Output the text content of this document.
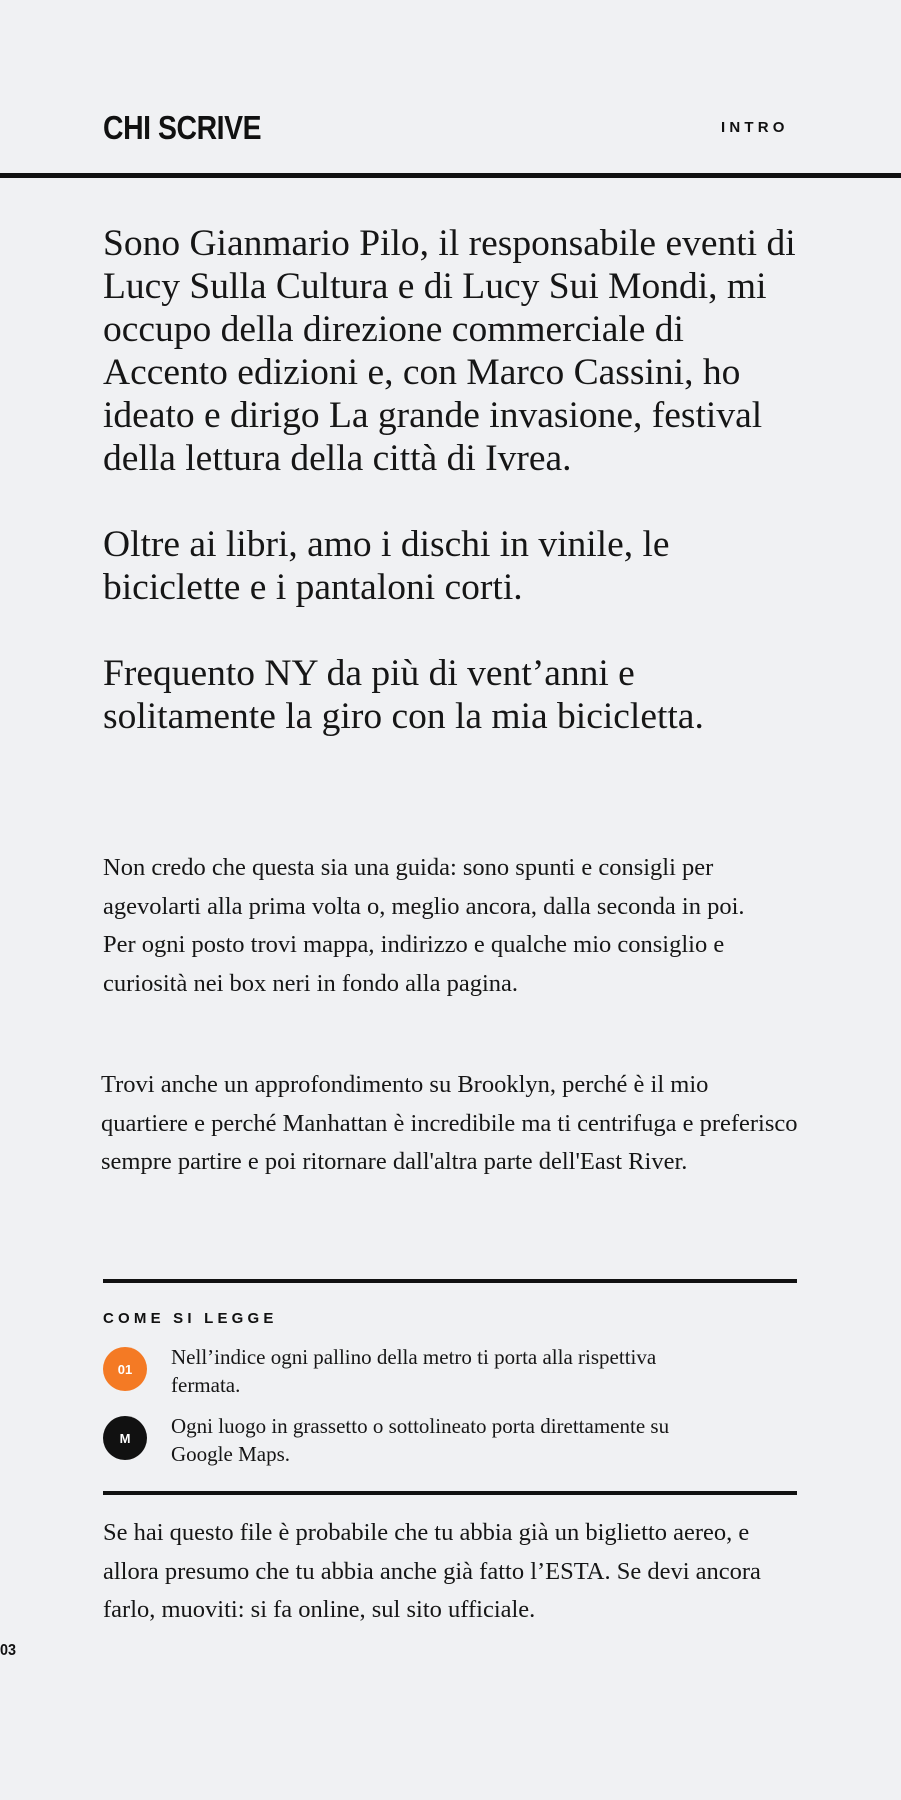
CHI SCRIVE	INTRO

Sono Gianmario Pilo, il responsabile eventi di Lucy Sulla Cultura e di Lucy Sui Mondi, mi occupo della direzione commerciale di Accento edizioni e, con Marco Cassini, ho ideato e dirigo La grande invasione, festival della lettura della città di Ivrea.

Oltre ai libri, amo i dischi in vinile, le biciclette e i pantaloni corti.

Frequento NY da più di vent’anni e solitamente la giro con la mia bicicletta.

Non credo che questa sia una guida: sono spunti e consigli per agevolarti alla prima volta o, meglio ancora, dalla seconda in poi.

Per ogni posto trovi mappa, indirizzo e qualche mio consiglio e curiosità nei box neri in fondo alla pagina.

Trovi anche un approfondimento su Brooklyn, perché è il mio quartiere e perché Manhattan è incredibile ma ti centrifuga e preferisco sempre partire e poi ritornare dall'altra parte dell'East River.

COME SI LEGGE
01	Nell’indice ogni pallino della metro ti porta alla rispettiva fermata.
M	Ogni luogo in grassetto o sottolineato porta direttamente su Google Maps.

Se hai questo file è probabile che tu abbia già un biglietto aereo, e allora presumo che tu abbia anche già fatto l’ESTA. Se devi ancora farlo, muoviti: si fa online, sul sito ufficiale.

03
